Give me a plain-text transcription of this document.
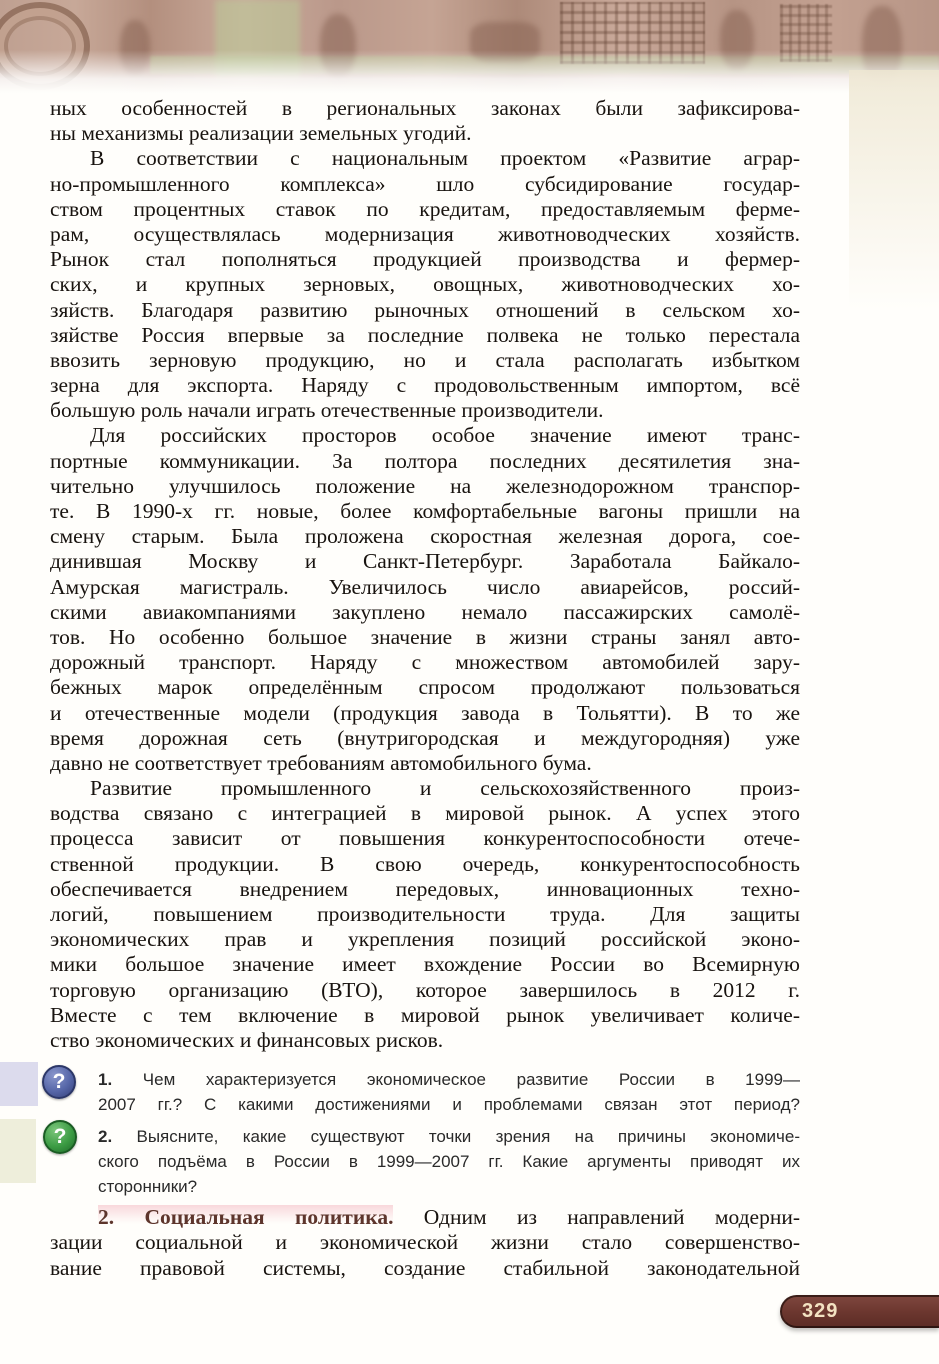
ных особенностей в региональных законах были зафиксирова-
ны механизмы реализации земельных угодий.
В соответствии с национальным проектом «Развитие аграр-
но-промышленного комплекса» шло субсидирование государ-
ством процентных ставок по кредитам, предоставляемым ферме-
рам, осуществлялась модернизация животноводческих хозяйств.
Рынок стал пополняться продукцией производства и фермер-
ских, и крупных зерновых, овощных, животноводческих хо-
зяйств. Благодаря развитию рыночных отношений в сельском хо-
зяйстве Россия впервые за последние полвека не только перестала
ввозить зерновую продукцию, но и стала располагать избытком
зерна для экспорта. Наряду с продовольственным импортом, всё
большую роль начали играть отечественные производители.
Для российских просторов особое значение имеют транс-
портные коммуникации. За полтора последних десятилетия зна-
чительно улучшилось положение на железнодорожном транспор-
те. В 1990-х гг. новые, более комфортабельные вагоны пришли на
смену старым. Была проложена скоростная железная дорога, сое-
динившая Москву и Санкт-Петербург. Заработала Байкало-
Амурская магистраль. Увеличилось число авиарейсов, россий-
скими авиакомпаниями закуплено немало пассажирских самолё-
тов. Но особенно большое значение в жизни страны занял авто-
дорожный транспорт. Наряду с множеством автомобилей зару-
бежных марок определённым спросом продолжают пользоваться
и отечественные модели (продукция завода в Тольятти). В то же
время дорожная сеть (внутригородская и междугородняя) уже
давно не соответствует требованиям автомобильного бума.
Развитие промышленного и сельскохозяйственного произ-
водства связано с интеграцией в мировой рынок. А успех этого
процесса зависит от повышения конкурентоспособности отече-
ственной продукции. В свою очередь, конкурентоспособность
обеспечивается внедрением передовых, инновационных техно-
логий, повышением производительности труда. Для защиты
экономических прав и укрепления позиций российской эконо-
мики большое значение имеет вхождение России во Всемирную
торговую организацию (ВТО), которое завершилось в 2012 г.
Вместе с тем включение в мировой рынок увеличивает количе-
ство экономических и финансовых рисков.
1. Чем характеризуется экономическое развитие России в 1999—
2007 гг.? С какими достижениями и проблемами связан этот период?
2. Выясните, какие существуют точки зрения на причины экономиче-
ского подъёма в России в 1999—2007 гг. Какие аргументы приводят их
сторонники?
2. Социальная политика. Одним из направлений модерни-
зации социальной и экономической жизни стало совершенство-
вание правовой системы, создание стабильной законодательной
?
?
329
